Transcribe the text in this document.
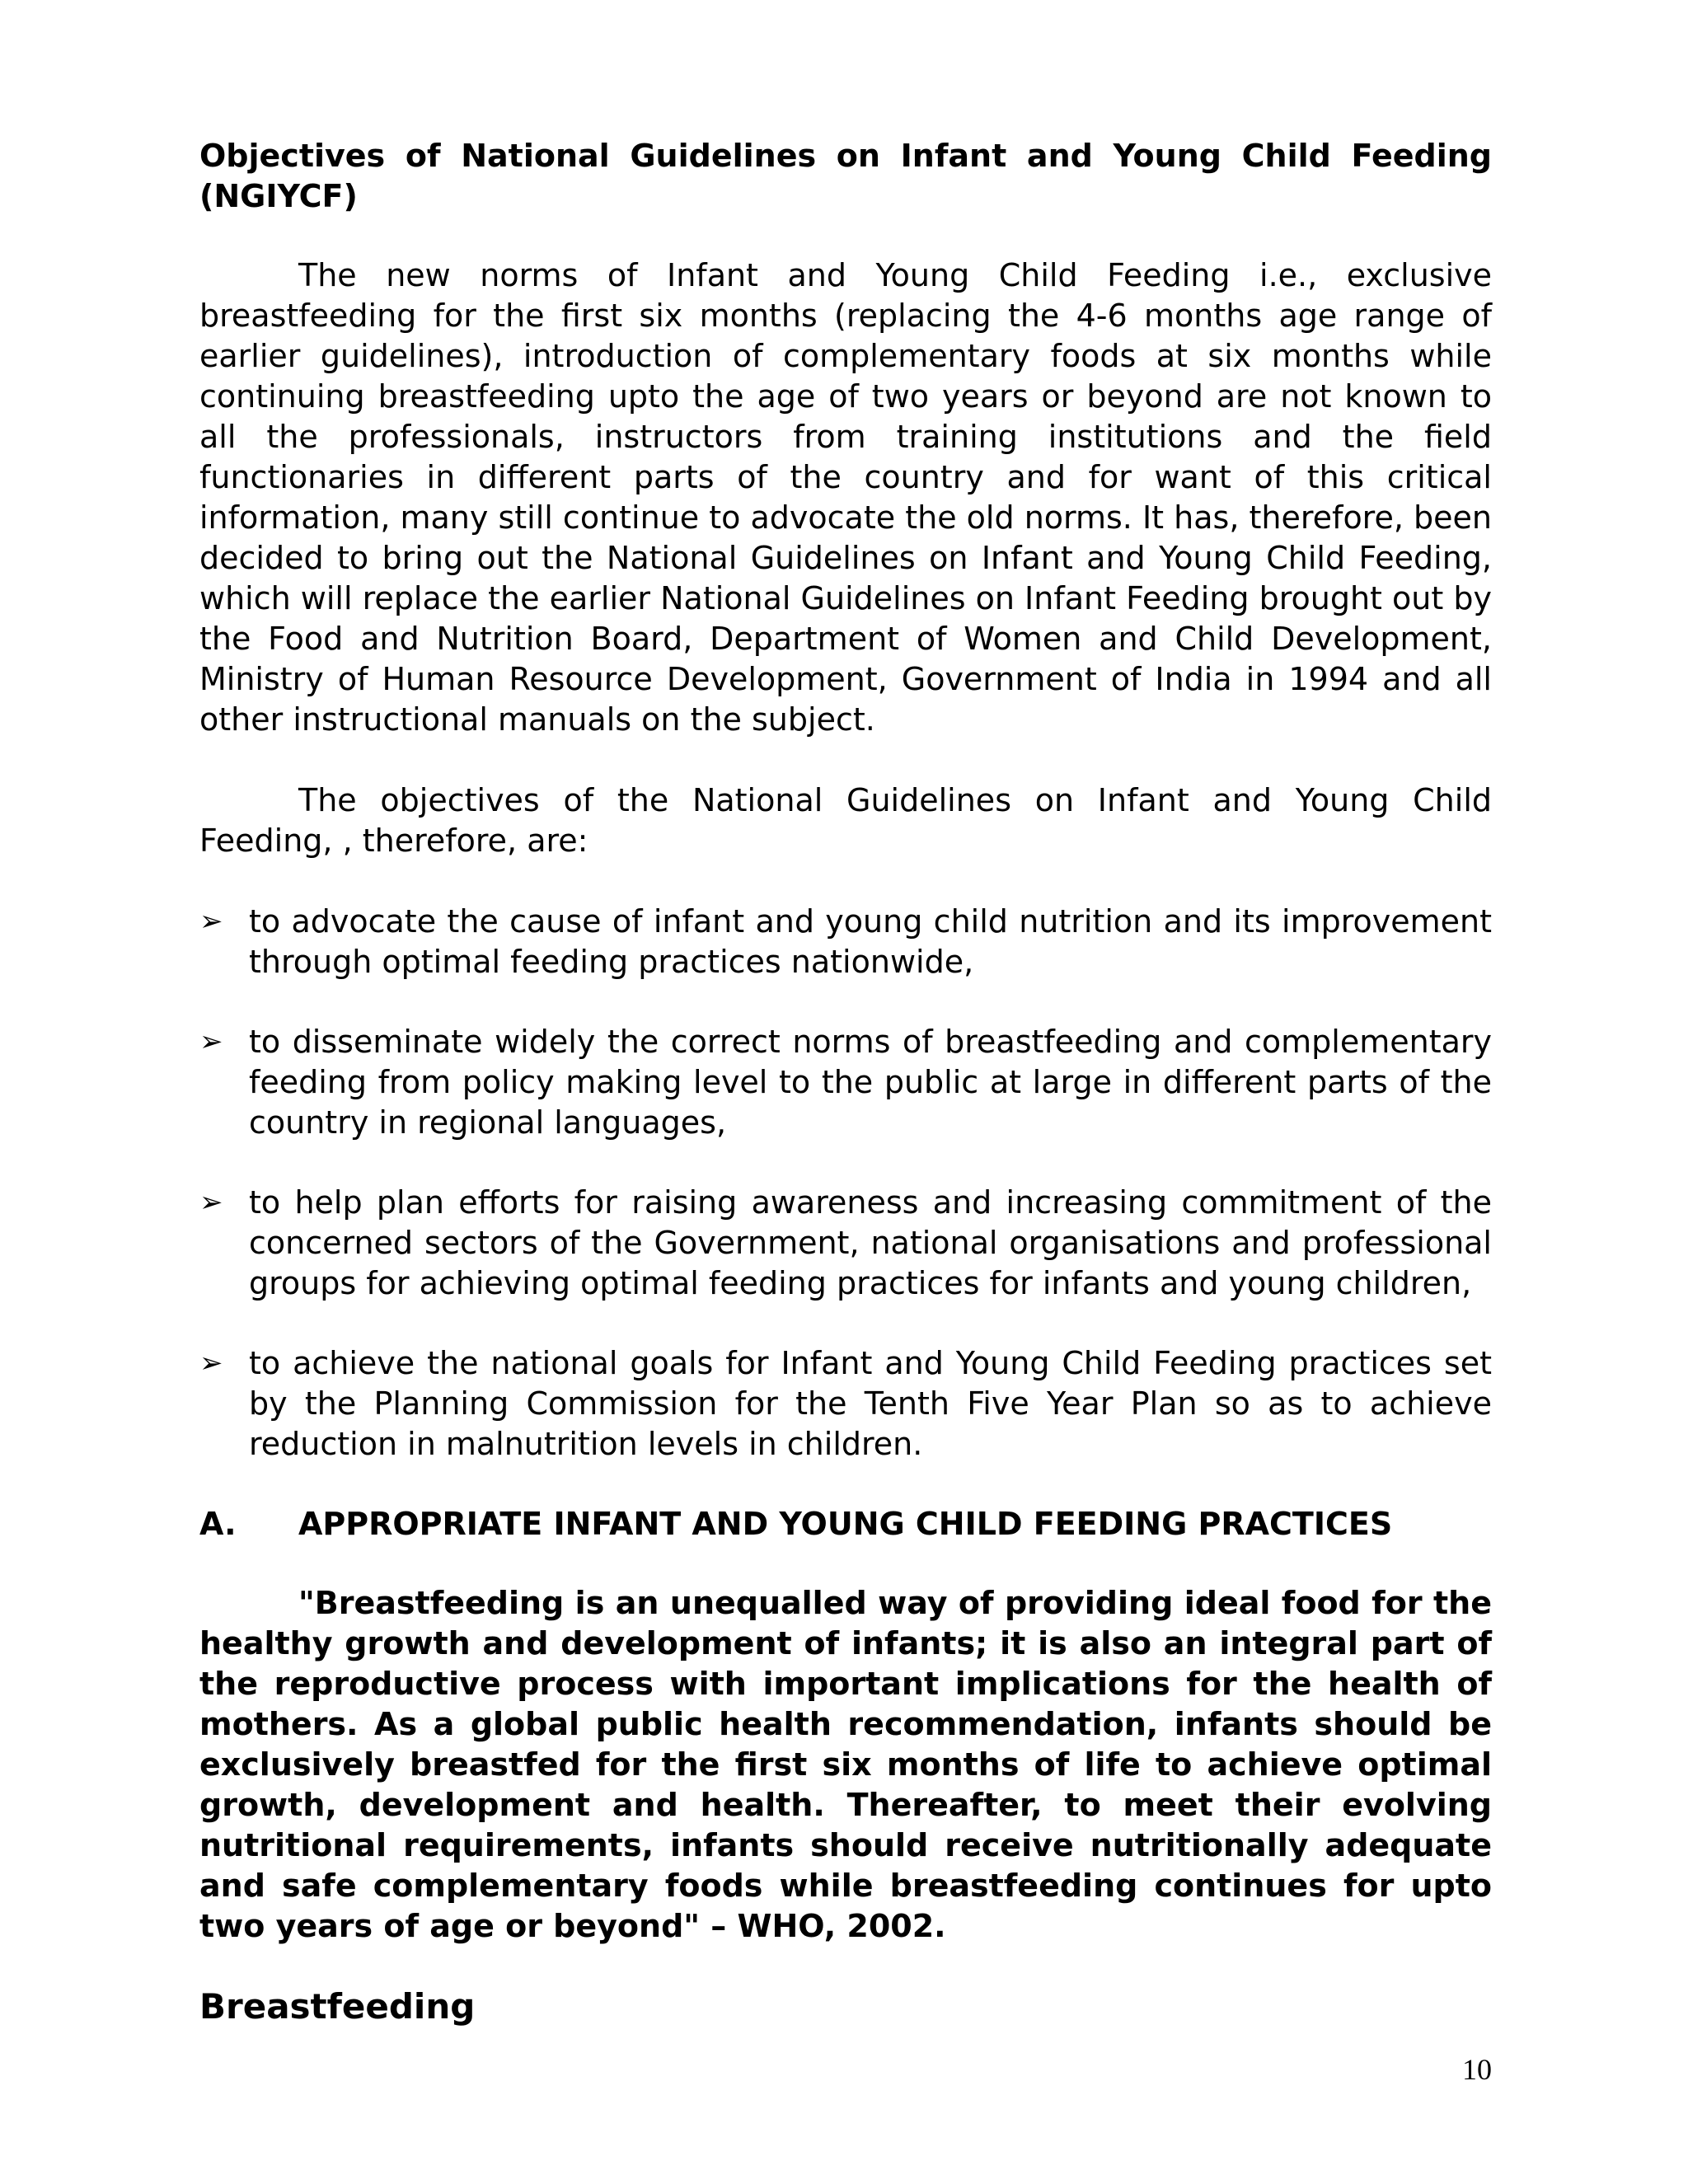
Objectives of National Guidelines on Infant and Young Child Feeding (NGIYCF)

The new norms of Infant and Young Child Feeding i.e., exclusive breastfeeding for the first six months (replacing the 4-6 months age range of earlier guidelines), introduction of complementary foods at six months while continuing breastfeeding upto the age of two years or beyond are not known to all the professionals, instructors from training institutions and the field functionaries in different parts of the country and for want of this critical information, many still continue to advocate the old norms. It has, therefore, been decided to bring out the National Guidelines on Infant and Young Child Feeding, which will replace the earlier National Guidelines on Infant Feeding brought out by the Food and Nutrition Board, Department of Women and Child Development, Ministry of Human Resource Development, Government of India in 1994 and all other instructional manuals on the subject.

The objectives of the National Guidelines on Infant and Young Child Feeding, , therefore, are:

➢ to advocate the cause of infant and young child nutrition and its improvement through optimal feeding practices nationwide,
➢ to disseminate widely the correct norms of breastfeeding and complementary feeding from policy making level to the public at large in different parts of the country in regional languages,
➢ to help plan efforts for raising awareness and increasing commitment of the concerned sectors of the Government, national organisations and professional groups for achieving optimal feeding practices for infants and young children,
➢ to achieve the national goals for Infant and Young Child Feeding practices set by the Planning Commission for the Tenth Five Year Plan so as to achieve reduction in malnutrition levels in children.
A. APPROPRIATE INFANT AND YOUNG CHILD FEEDING PRACTICES

"Breastfeeding is an unequalled way of providing ideal food for the healthy growth and development of infants; it is also an integral part of the reproductive process with important implications for the health of mothers. As a global public health recommendation, infants should be exclusively breastfed for the first six months of life to achieve optimal growth, development and health. Thereafter, to meet their evolving nutritional requirements, infants should receive nutritionally adequate and safe complementary foods while breastfeeding continues for upto two years of age or beyond" – WHO, 2002.

Breastfeeding
10
